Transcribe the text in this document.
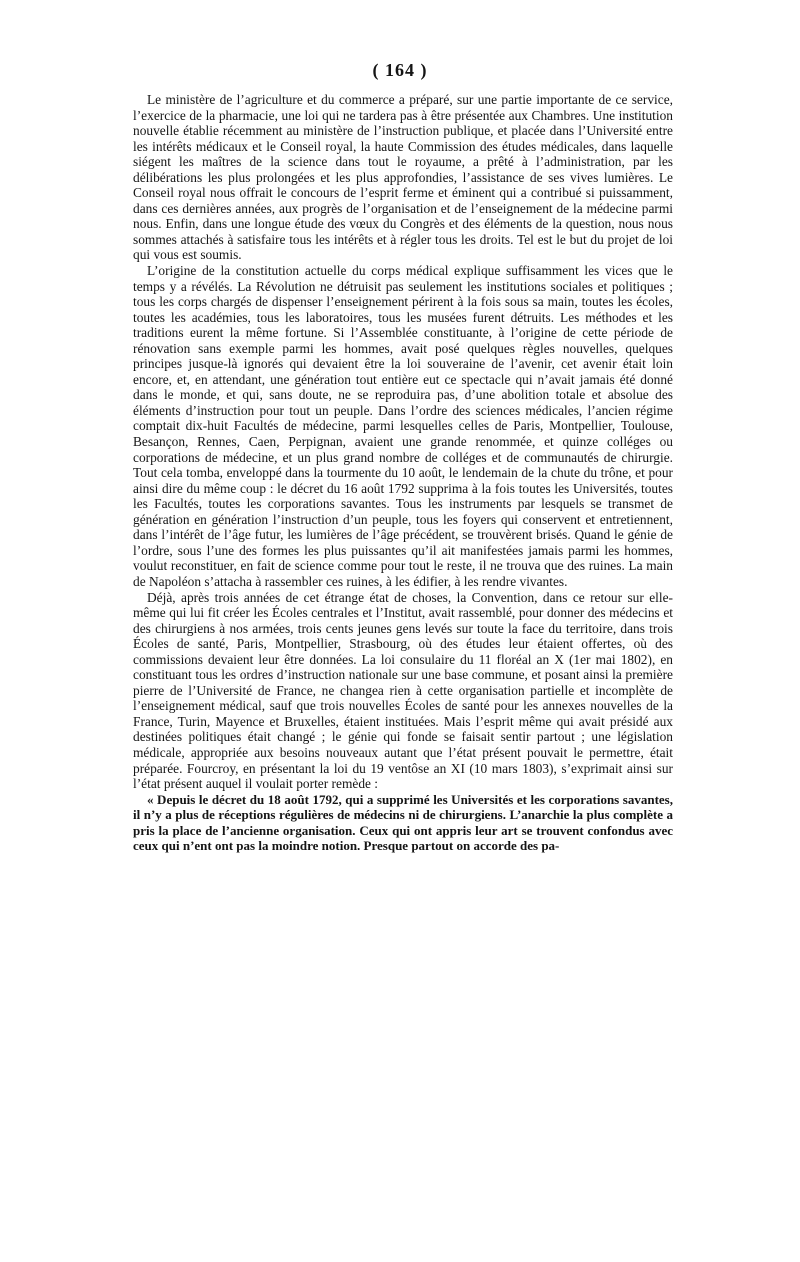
( 164 )

Le ministère de l’agriculture et du commerce a préparé, sur une partie importante de ce service, l’exercice de la pharmacie, une loi qui ne tardera pas à être présentée aux Chambres. Une institution nouvelle établie récemment au ministère de l’instruction publique, et placée dans l’Université entre les intérêts médicaux et le Conseil royal, la haute Commission des études médicales, dans laquelle siégent les maîtres de la science dans tout le royaume, a prêté à l’administration, par les délibérations les plus prolongées et les plus approfondies, l’assistance de ses vives lumières. Le Conseil royal nous offrait le concours de l’esprit ferme et éminent qui a contribué si puissamment, dans ces dernières années, aux progrès de l’organisation et de l’enseignement de la médecine parmi nous. Enfin, dans une longue étude des vœux du Congrès et des éléments de la question, nous nous sommes attachés à satisfaire tous les intérêts et à régler tous les droits. Tel est le but du projet de loi qui vous est soumis.

L’origine de la constitution actuelle du corps médical explique suffisamment les vices que le temps y a révélés. La Révolution ne détruisit pas seulement les institutions sociales et politiques ; tous les corps chargés de dispenser l’enseignement périrent à la fois sous sa main, toutes les écoles, toutes les académies, tous les laboratoires, tous les musées furent détruits. Les méthodes et les traditions eurent la même fortune. Si l’Assemblée constituante, à l’origine de cette période de rénovation sans exemple parmi les hommes, avait posé quelques règles nouvelles, quelques principes jusque-là ignorés qui devaient être la loi souveraine de l’avenir, cet avenir était loin encore, et, en attendant, une génération tout entière eut ce spectacle qui n’avait jamais été donné dans le monde, et qui, sans doute, ne se reproduira pas, d’une abolition totale et absolue des éléments d’instruction pour tout un peuple. Dans l’ordre des sciences médicales, l’ancien régime comptait dix-huit Facultés de médecine, parmi lesquelles celles de Paris, Montpellier, Toulouse, Besançon, Rennes, Caen, Perpignan, avaient une grande renommée, et quinze colléges ou corporations de médecine, et un plus grand nombre de colléges et de communautés de chirurgie. Tout cela tomba, enveloppé dans la tourmente du 10 août, le lendemain de la chute du trône, et pour ainsi dire du même coup : le décret du 16 août 1792 supprima à la fois toutes les Universités, toutes les Facultés, toutes les corporations savantes. Tous les instruments par lesquels se transmet de génération en génération l’instruction d’un peuple, tous les foyers qui conservent et entretiennent, dans l’intérêt de l’âge futur, les lumières de l’âge précédent, se trouvèrent brisés. Quand le génie de l’ordre, sous l’une des formes les plus puissantes qu’il ait manifestées jamais parmi les hommes, voulut reconstituer, en fait de science comme pour tout le reste, il ne trouva que des ruines. La main de Napoléon s’attacha à rassembler ces ruines, à les édifier, à les rendre vivantes.

Déjà, après trois années de cet étrange état de choses, la Convention, dans ce retour sur elle-même qui lui fit créer les Écoles centrales et l’Institut, avait rassemblé, pour donner des médecins et des chirurgiens à nos armées, trois cents jeunes gens levés sur toute la face du territoire, dans trois Écoles de santé, Paris, Montpellier, Strasbourg, où des études leur étaient offertes, où des commissions devaient leur être données. La loi consulaire du 11 floréal an X (1er mai 1802), en constituant tous les ordres d’instruction nationale sur une base commune, et posant ainsi la première pierre de l’Université de France, ne changea rien à cette organisation partielle et incomplète de l’enseignement médical, sauf que trois nouvelles Écoles de santé pour les annexes nouvelles de la France, Turin, Mayence et Bruxelles, étaient instituées. Mais l’esprit même qui avait présidé aux destinées politiques était changé ; le génie qui fonde se faisait sentir partout ; une législation médicale, appropriée aux besoins nouveaux autant que l’état présent pouvait le permettre, était préparée. Fourcroy, en présentant la loi du 19 ventôse an XI (10 mars 1803), s’exprimait ainsi sur l’état présent auquel il voulait porter remède :

« Depuis le décret du 18 août 1792, qui a supprimé les Universités et les corporations savantes, il n’y a plus de réceptions régulières de médecins ni de chirurgiens. L’anarchie la plus complète a pris la place de l’ancienne organisation. Ceux qui ont appris leur art se trouvent confondus avec ceux qui n’ent ont pas la moindre notion. Presque partout on accorde des pa-
